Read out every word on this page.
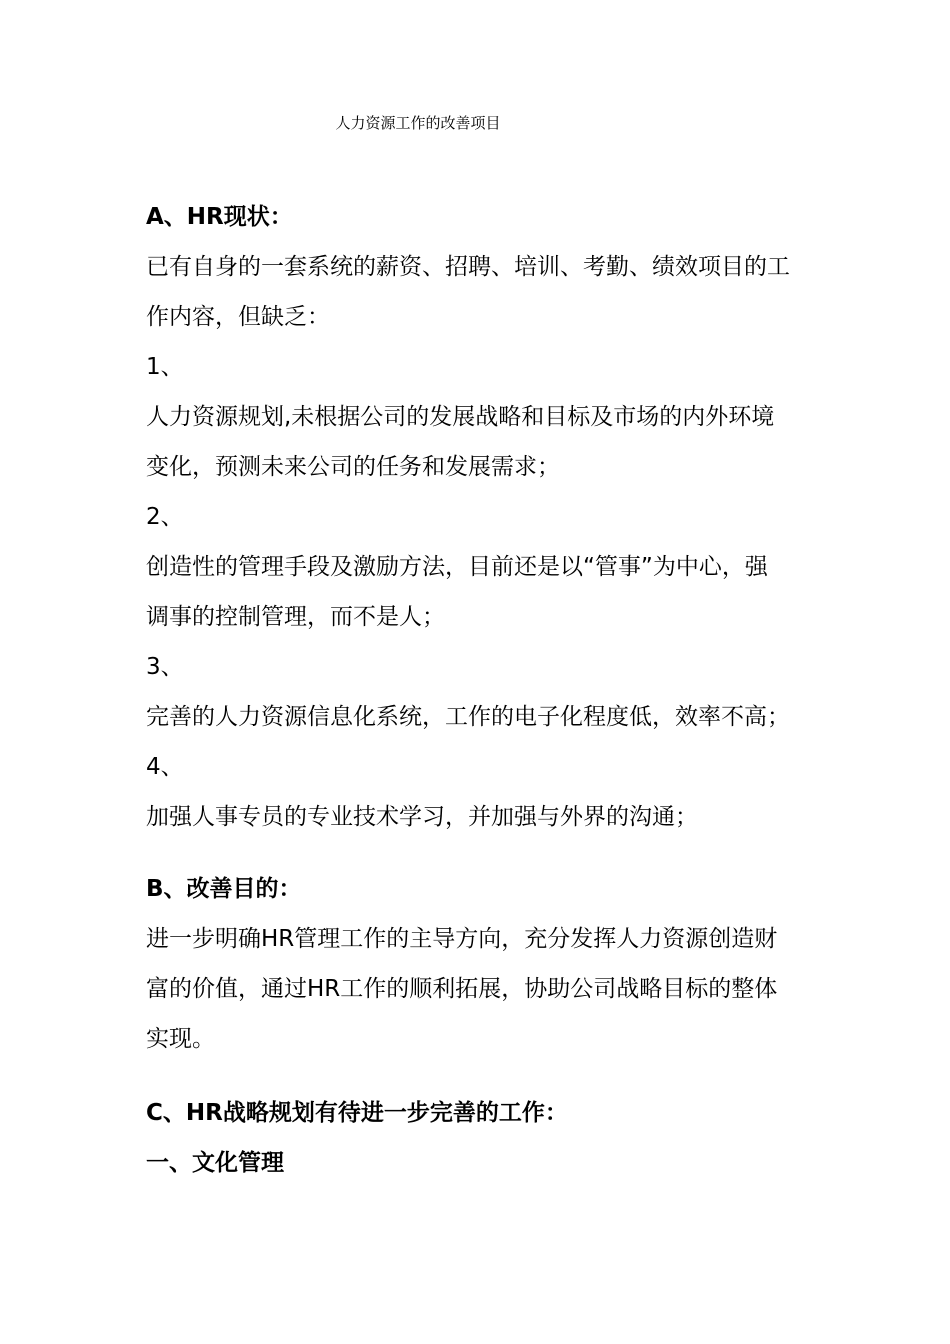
人力资源工作的改善项目
A、HR现状：
已有自身的一套系统的薪资、招聘、培训、考勤、绩效项目的工
作内容，但缺乏：
1、
人力资源规划,未根据公司的发展战略和目标及市场的内外环境
变化，预测未来公司的任务和发展需求；
2、
创造性的管理手段及激励方法，目前还是以“管事”为中心，强
调事的控制管理，而不是人；
3、
完善的人力资源信息化系统，工作的电子化程度低，效率不高；
4、
加强人事专员的专业技术学习，并加强与外界的沟通；
B、改善目的：
进一步明确HR管理工作的主导方向，充分发挥人力资源创造财
富的价值，通过HR工作的顺利拓展，协助公司战略目标的整体
实现。
C、HR战略规划有待进一步完善的工作：
一、文化管理
